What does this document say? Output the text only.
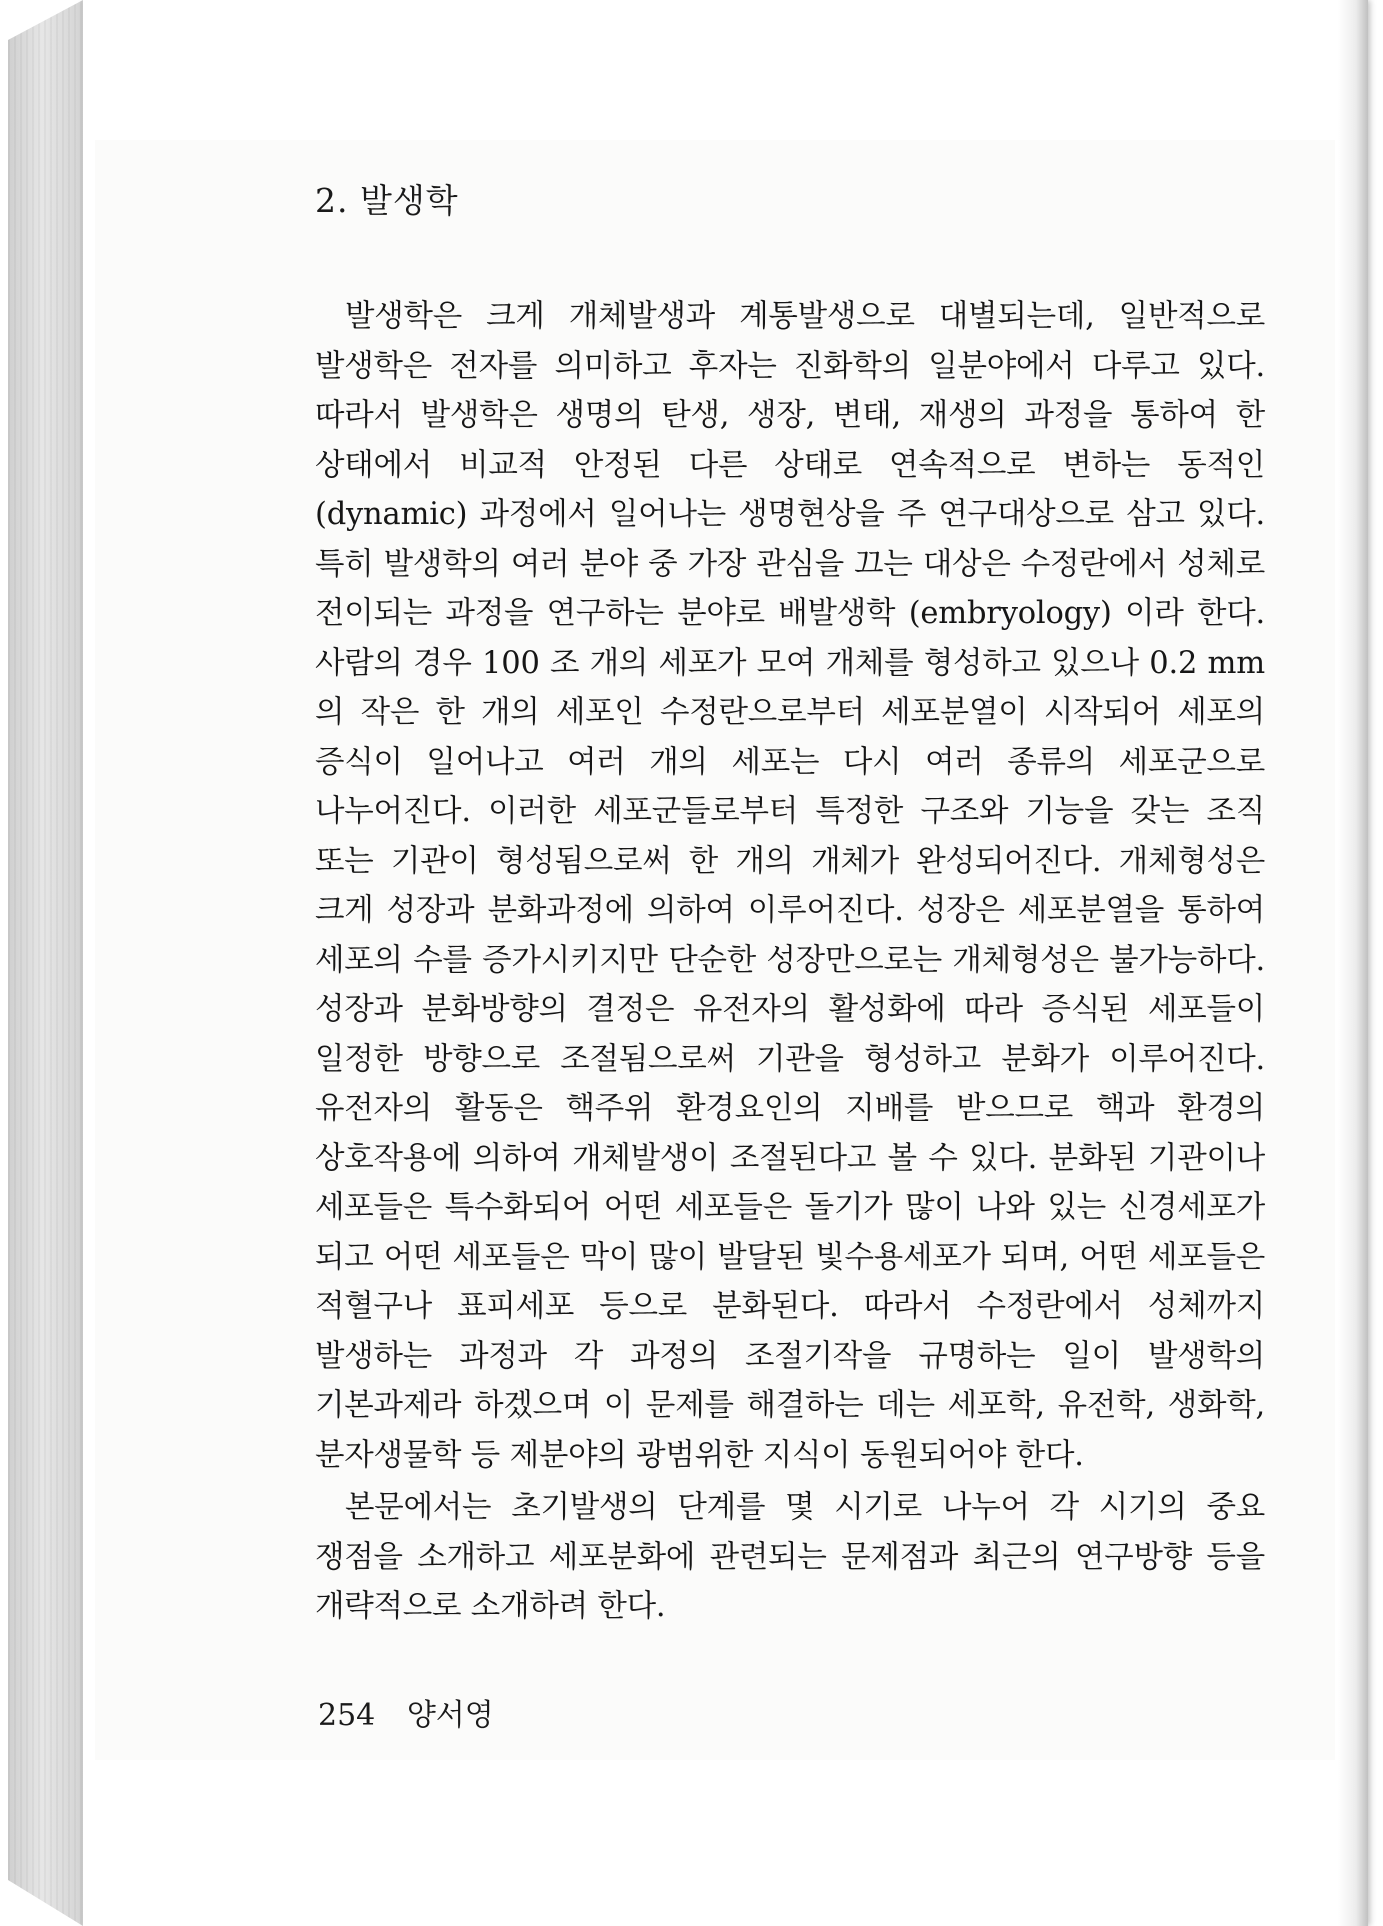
2. 발생학

발생학은 크게 개체발생과 계통발생으로 대별되는데, 일반적으로 발생학은 전자를 의미하고 후자는 진화학의 일분야에서 다루고 있다. 따라서 발생학은 생명의 탄생, 생장, 변태, 재생의 과정을 통하여 한 상태에서 비교적 안정된 다른 상태로 연속적으로 변하는 동적인 (dynamic) 과정에서 일어나는 생명현상을 주 연구대상으로 삼고 있다. 특히 발생학의 여러 분야 중 가장 관심을 끄는 대상은 수정란에서 성체로 전이되는 과정을 연구하는 분야로 배발생학 (embryology) 이라 한다. 사람의 경우 100 조 개의 세포가 모여 개체를 형성하고 있으나 0.2 mm 의 작은 한 개의 세포인 수정란으로부터 세포분열이 시작되어 세포의 증식이 일어나고 여러 개의 세포는 다시 여러 종류의 세포군으로 나누어진다. 이러한 세포군들로부터 특정한 구조와 기능을 갖는 조직 또는 기관이 형성됨으로써 한 개의 개체가 완성되어진다. 개체형성은 크게 성장과 분화과정에 의하여 이루어진다. 성장은 세포분열을 통하여 세포의 수를 증가시키지만 단순한 성장만으로는 개체형성은 불가능하다. 성장과 분화방향의 결정은 유전자의 활성화에 따라 증식된 세포들이 일정한 방향으로 조절됨으로써 기관을 형성하고 분화가 이루어진다. 유전자의 활동은 핵주위 환경요인의 지배를 받으므로 핵과 환경의 상호작용에 의하여 개체발생이 조절된다고 볼 수 있다. 분화된 기관이나 세포들은 특수화되어 어떤 세포들은 돌기가 많이 나와 있는 신경세포가 되고 어떤 세포들은 막이 많이 발달된 빛수용세포가 되며, 어떤 세포들은 적혈구나 표피세포 등으로 분화된다. 따라서 수정란에서 성체까지 발생하는 과정과 각 과정의 조절기작을 규명하는 일이 발생학의 기본과제라 하겠으며 이 문제를 해결하는 데는 세포학, 유전학, 생화학, 분자생물학 등 제분야의 광범위한 지식이 동원되어야 한다.

본문에서는 초기발생의 단계를 몇 시기로 나누어 각 시기의 중요 쟁점을 소개하고 세포분화에 관련되는 문제점과 최근의 연구방향 등을 개략적으로 소개하려 한다.

254 양서영
